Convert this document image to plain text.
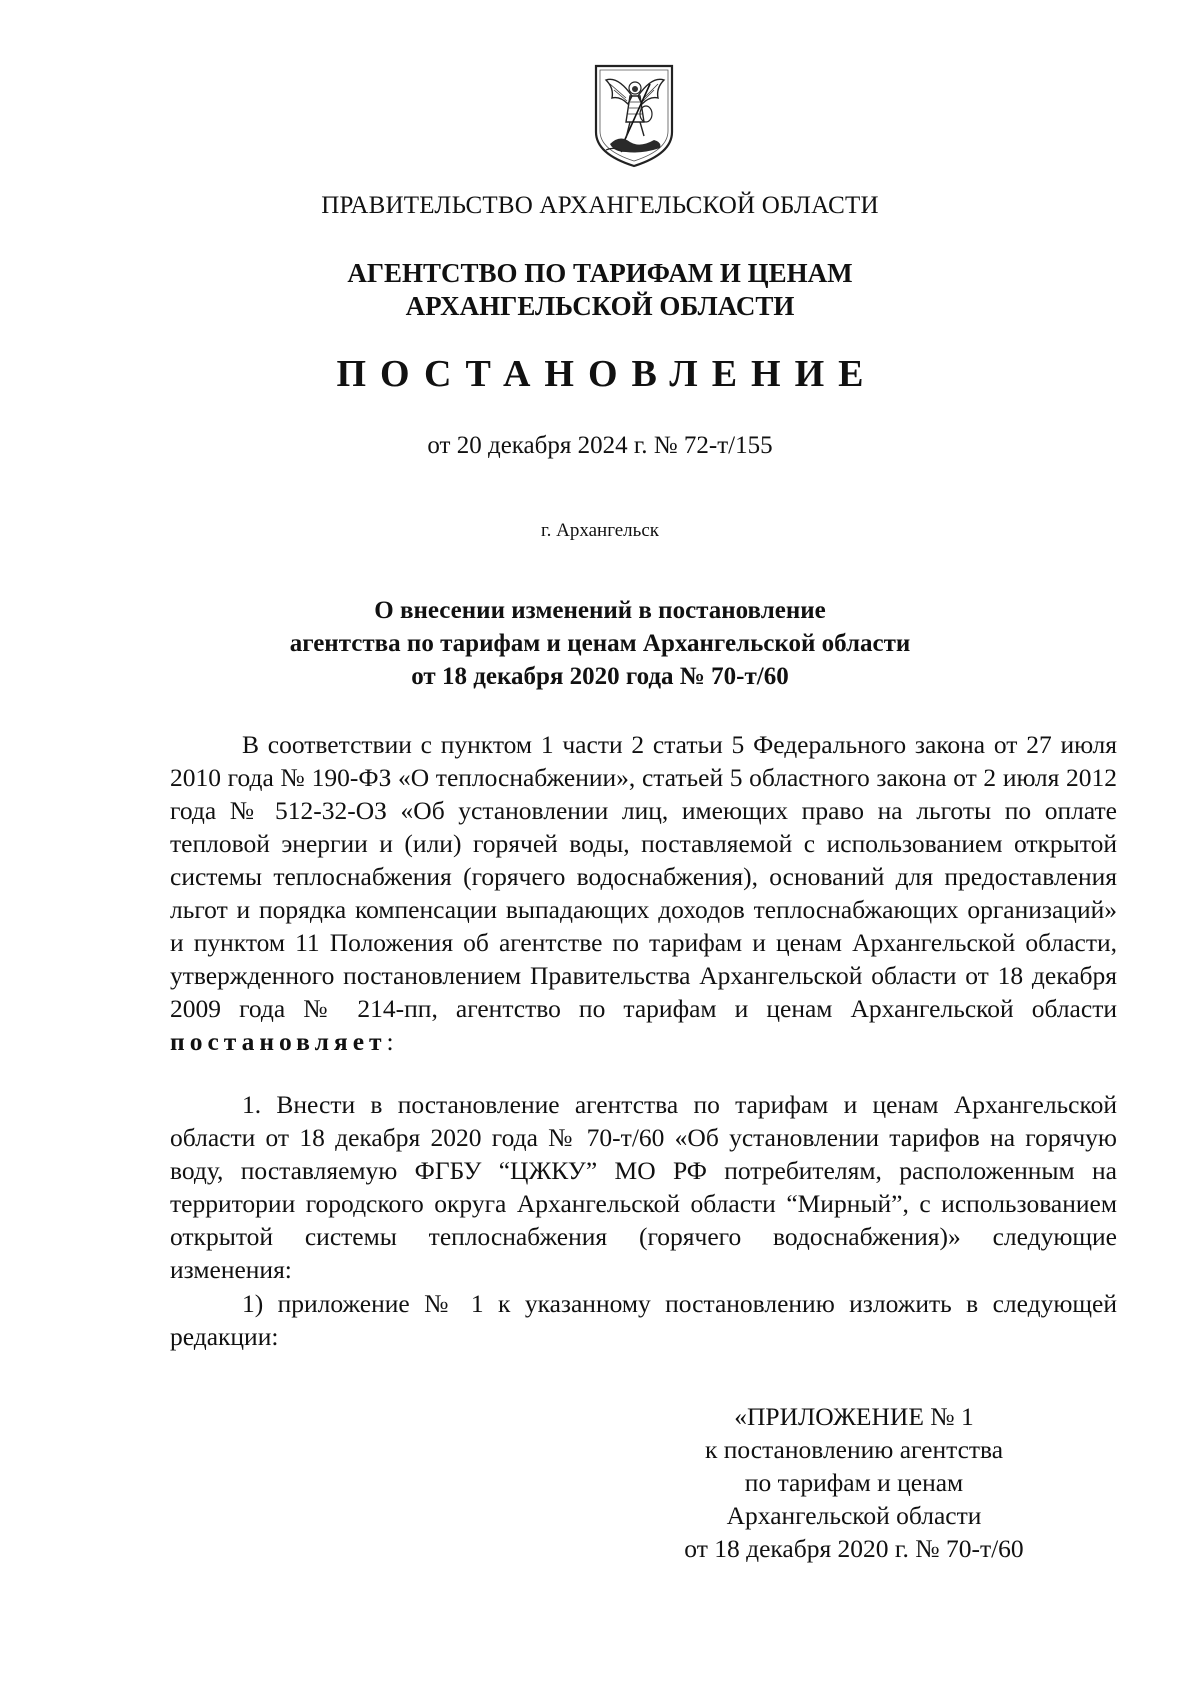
ПРАВИТЕЛЬСТВО АРХАНГЕЛЬСКОЙ ОБЛАСТИ
АГЕНТСТВО ПО ТАРИФАМ И ЦЕНАМ
АРХАНГЕЛЬСКОЙ ОБЛАСТИ
ПОСТАНОВЛЕНИЕ
от 20 декабря 2024 г. № 72-т/155
г. Архангельск
О внесении изменений в постановление
агентства по тарифам и ценам Архангельской области
от 18 декабря 2020 года № 70-т/60

В соответствии с пунктом 1 части 2 статьи 5 Федерального закона от 27 июля 2010 года № 190-ФЗ «О теплоснабжении», статьей 5 областного закона от 2 июля 2012 года № 512-32-ОЗ «Об установлении лиц, имеющих право на льготы по оплате тепловой энергии и (или) горячей воды, поставляемой с использованием открытой системы теплоснабжения (горячего водоснабжения), оснований для предоставления льгот и порядка компенсации выпадающих доходов теплоснабжающих организаций» и пунктом 11 Положения об агентстве по тарифам и ценам Архангельской области, утвержденного постановлением Правительства Архангельской области от 18 декабря 2009 года № 214-пп, агентство по тарифам и ценам Архангельской области постановляет:

1. Внести в постановление агентства по тарифам и ценам Архангельской области от 18 декабря 2020 года № 70-т/60 «Об установлении тарифов на горячую воду, поставляемую ФГБУ “ЦЖКУ” МО РФ потребителям, расположенным на территории городского округа Архангельской области “Мирный”, с использованием открытой системы теплоснабжения (горячего водоснабжения)» следующие изменения:

1) приложение № 1 к указанному постановлению изложить в следующей редакции:

«ПРИЛОЖЕНИЕ № 1
к постановлению агентства
по тарифам и ценам
Архангельской области
от 18 декабря 2020 г. № 70-т/60
